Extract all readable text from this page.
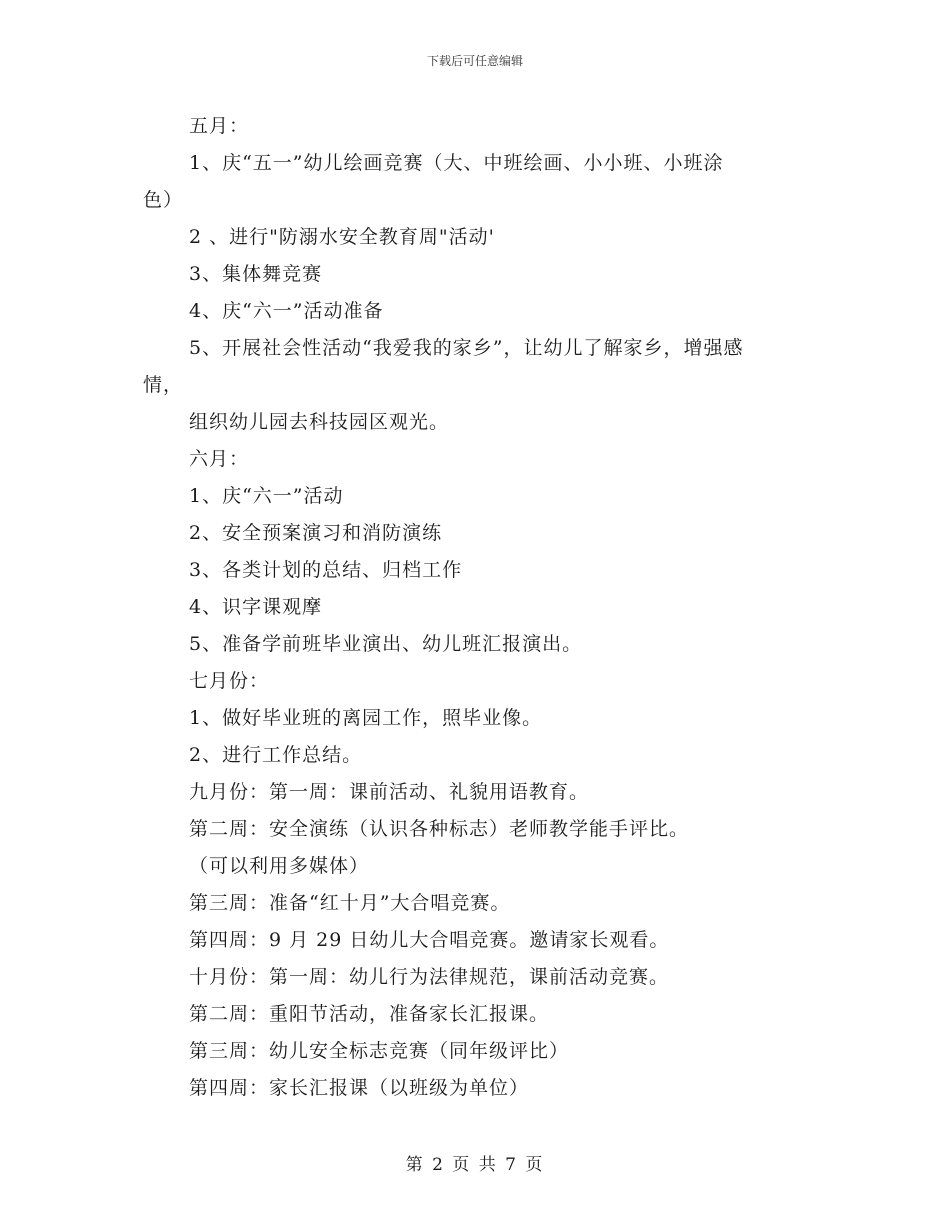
下载后可任意编辑
五月：
1、庆“五一”幼儿绘画竞赛（大、中班绘画、小小班、小班涂
色）
2 、进行"防溺水安全教育周"活动'
3、集体舞竞赛
4、庆“六一”活动准备
5、开展社会性活动“我爱我的家乡”，让幼儿了解家乡，增强感
情，
组织幼儿园去科技园区观光。
六月：
1、庆“六一”活动
2、安全预案演习和消防演练
3、各类计划的总结、归档工作
4、识字课观摩
5、准备学前班毕业演出、幼儿班汇报演出。
七月份：
1、做好毕业班的离园工作，照毕业像。
2、进行工作总结。
九月份：第一周：课前活动、礼貌用语教育。
第二周：安全演练（认识各种标志）老师教学能手评比。
（可以利用多媒体）
第三周：准备“红十月”大合唱竞赛。
第四周：9 月 29 日幼儿大合唱竞赛。邀请家长观看。
十月份：第一周：幼儿行为法律规范，课前活动竞赛。
第二周：重阳节活动，准备家长汇报课。
第三周：幼儿安全标志竞赛（同年级评比）
第四周：家长汇报课（以班级为单位）
第 2 页 共 7 页
